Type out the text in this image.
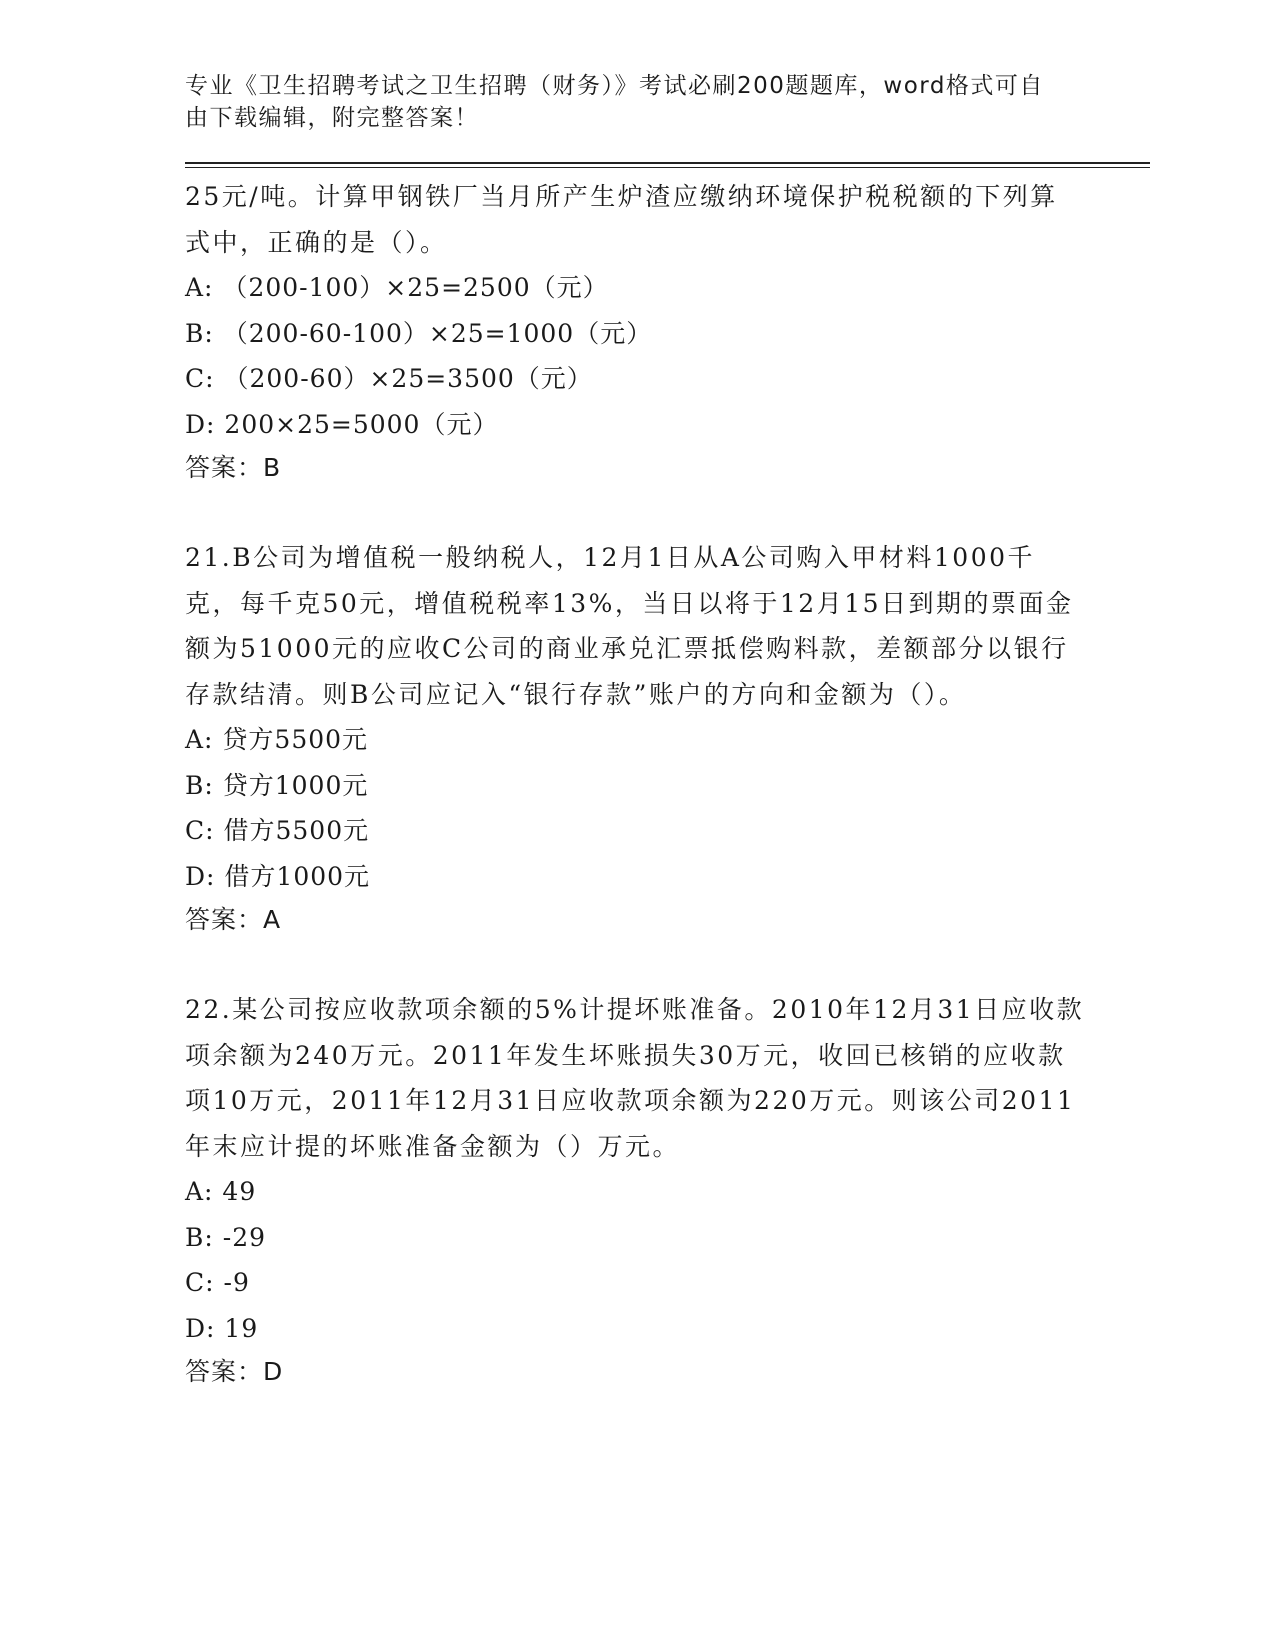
专业《卫生招聘考试之卫生招聘（财务）》考试必刷200题题库，word格式可自由下载编辑，附完整答案！

25元/吨。计算甲钢铁厂当月所产生炉渣应缴纳环境保护税税额的下列算式中，正确的是（）。

A: （200-100）×25=2500（元）
B: （200-60-100）×25=1000（元）
C: （200-60）×25=3500（元）
D: 200×25=5000（元）
答案：B

21.B公司为增值税一般纳税人，12月1日从A公司购入甲材料1000千克，每千克50元，增值税税率13%，当日以将于12月15日到期的票面金额为51000元的应收C公司的商业承兑汇票抵偿购料款，差额部分以银行存款结清。则B公司应记入“银行存款”账户的方向和金额为（）。

A: 贷方5500元
B: 贷方1000元
C: 借方5500元
D: 借方1000元
答案：A

22.某公司按应收款项余额的5%计提坏账准备。2010年12月31日应收款项余额为240万元。2011年发生坏账损失30万元，收回已核销的应收款项10万元，2011年12月31日应收款项余额为220万元。则该公司2011年末应计提的坏账准备金额为（）万元。

A: 49
B: -29
C: -9
D: 19
答案：D
